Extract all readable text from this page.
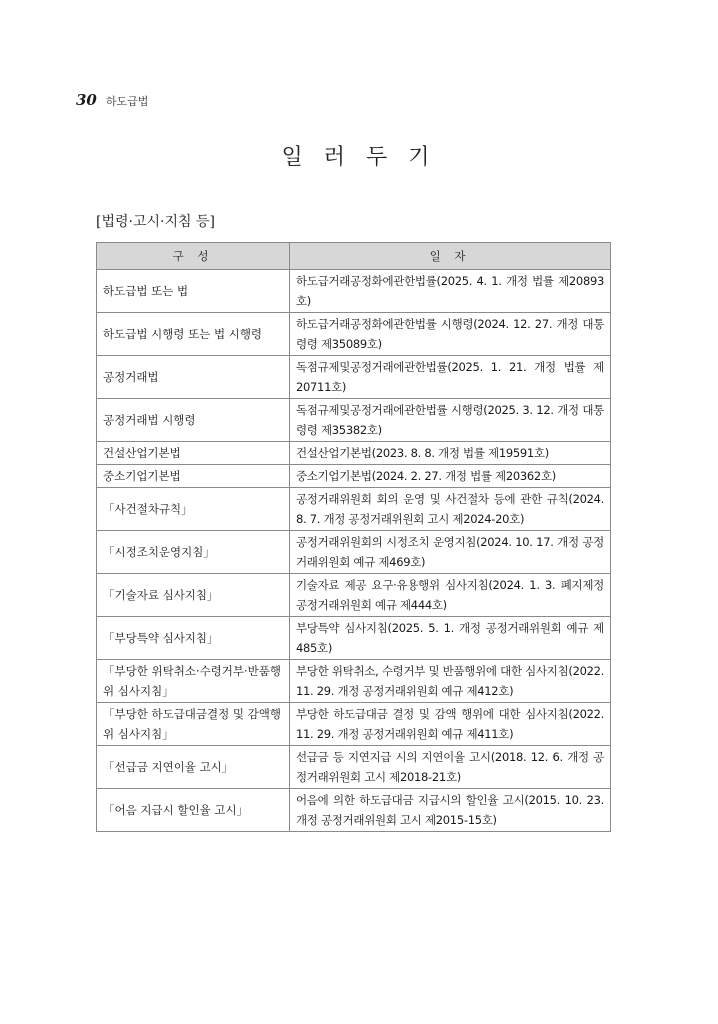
30 하도급법
일 러 두 기
[법령·고시·지침 등]
구 성	일 자
하도급법 또는 법	하도급거래공정화에관한법률(2025. 4. 1. 개정 법률 제20893호)
하도급법 시행령 또는 법 시행령	하도급거래공정화에관한법률 시행령(2024. 12. 27. 개정 대통령령 제35089호)
공정거래법	독점규제및공정거래에관한법률(2025. 1. 21. 개정 법률 제20711호)
공정거래법 시행령	독점규제및공정거래에관한법률 시행령(2025. 3. 12. 개정 대통령령 제35382호)
건설산업기본법	건설산업기본법(2023. 8. 8. 개정 법률 제19591호)
중소기업기본법	중소기업기본법(2024. 2. 27. 개정 법률 제20362호)
「사건절차규칙」	공정거래위원회 회의 운영 및 사건절차 등에 관한 규칙(2024. 8. 7. 개정 공정거래위원회 고시 제2024-20호)
「시정조치운영지침」	공정거래위원회의 시정조치 운영지침(2024. 10. 17. 개정 공정거래위원회 예규 제469호)
「기술자료 심사지침」	기술자료 제공 요구·유용행위 심사지침(2024. 1. 3. 폐지제정 공정거래위원회 예규 제444호)
「부당특약 심사지침」	부당특약 심사지침(2025. 5. 1. 개정 공정거래위원회 예규 제485호)
「부당한 위탁취소·수령거부·반품행위 심사지침」	부당한 위탁취소, 수령거부 및 반품행위에 대한 심사지침(2022. 11. 29. 개정 공정거래위원회 예규 제412호)
「부당한 하도급대금결정 및 감액행위 심사지침」	부당한 하도급대금 결정 및 감액 행위에 대한 심사지침(2022. 11. 29. 개정 공정거래위원회 예규 제411호)
「선급금 지연이율 고시」	선급금 등 지연지급 시의 지연이율 고시(2018. 12. 6. 개정 공정거래위원회 고시 제2018-21호)
「어음 지급시 할인율 고시」	어음에 의한 하도급대금 지급시의 할인율 고시(2015. 10. 23. 개정 공정거래위원회 고시 제2015-15호)
